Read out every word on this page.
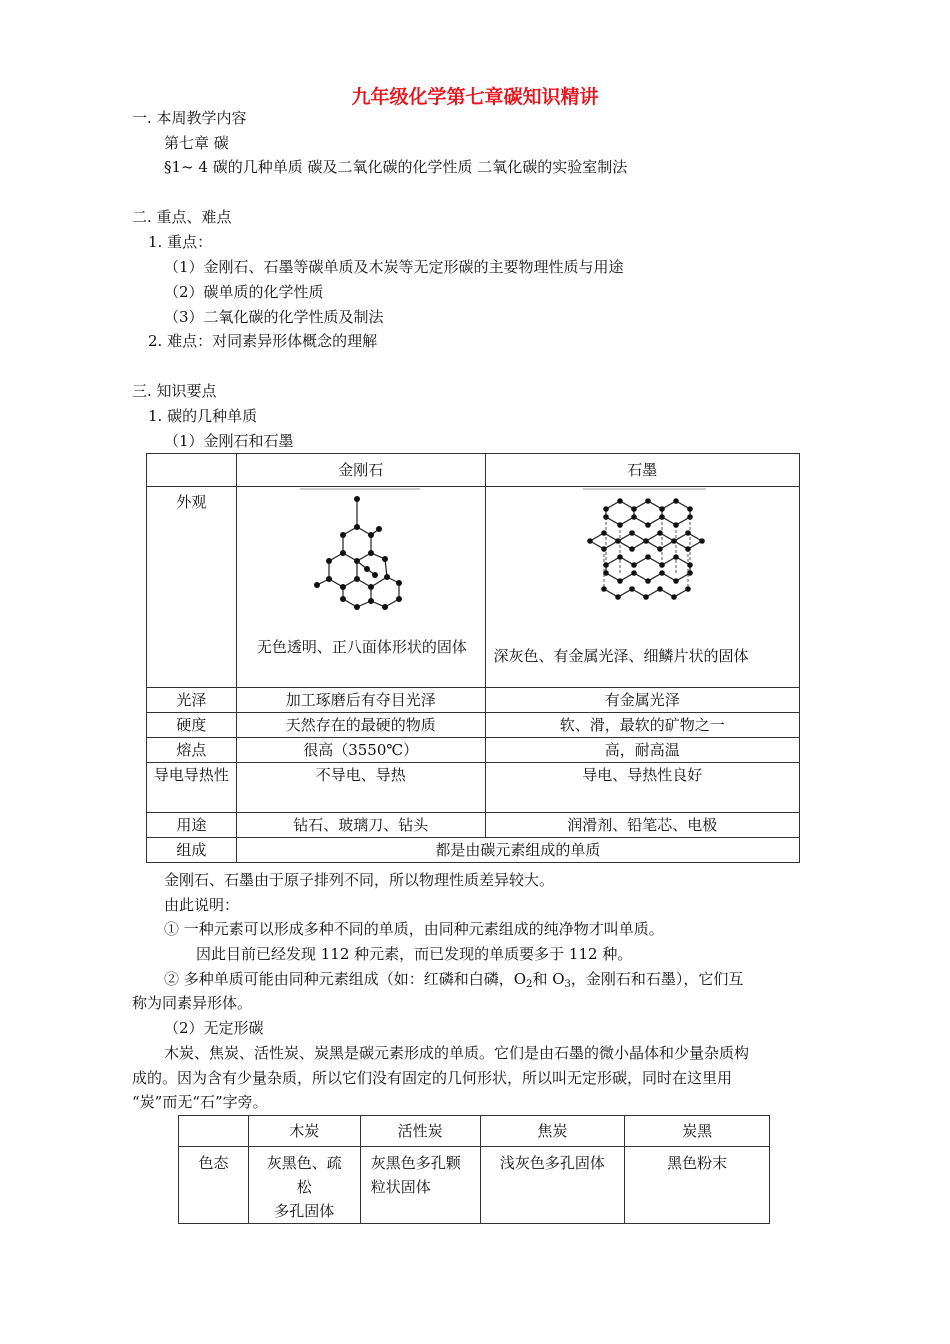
九年级化学第七章碳知识精讲
一. 本周教学内容
第七章 碳
§1~ 4 碳的几种单质 碳及二氧化碳的化学性质 二氧化碳的实验室制法
二. 重点、难点
1. 重点：
（1）金刚石、石墨等碳单质及木炭等无定形碳的主要物理性质与用途
（2）碳单质的化学性质
（3）二氧化碳的化学性质及制法
2. 难点：对同素异形体概念的理解
三. 知识要点
1. 碳的几种单质
（1）金刚石和石墨
	金刚石	石墨
外观	无色透明、正八面体形状的固体	深灰色、有金属光泽、细鳞片状的固体

光泽	加工琢磨后有夺目光泽	有金属光泽
硬度	天然存在的最硬的物质	软、滑，最软的矿物之一
熔点	很高（3550℃）	高，耐高温
导电导热性	不导电、导热	导电、导热性良好
用途	钻石、玻璃刀、钻头	润滑剂、铅笔芯、电极
组成	都是由碳元素组成的单质	
金刚石、石墨由于原子排列不同，所以物理性质差异较大。
由此说明：
① 一种元素可以形成多种不同的单质，由同种元素组成的纯净物才叫单质。
因此目前已经发现 112 种元素，而已发现的单质要多于 112 种。
② 多种单质可能由同种元素组成（如：红磷和白磷，$O_2$和 $O_3$，金刚石和石墨），它们互
称为同素异形体。
（2）无定形碳
木炭、焦炭、活性炭、炭黑是碳元素形成的单质。它们是由石墨的微小晶体和少量杂质构
成的。因为含有少量杂质，所以它们没有固定的几何形状，所以叫无定形碳，同时在这里用
“炭”而无“石”字旁。
	木炭	活性炭	焦炭	炭黑
色态	灰黑色、疏
松
多孔固体	灰黑色多孔颗粒状固体	浅灰色多孔固体	黑色粉末
